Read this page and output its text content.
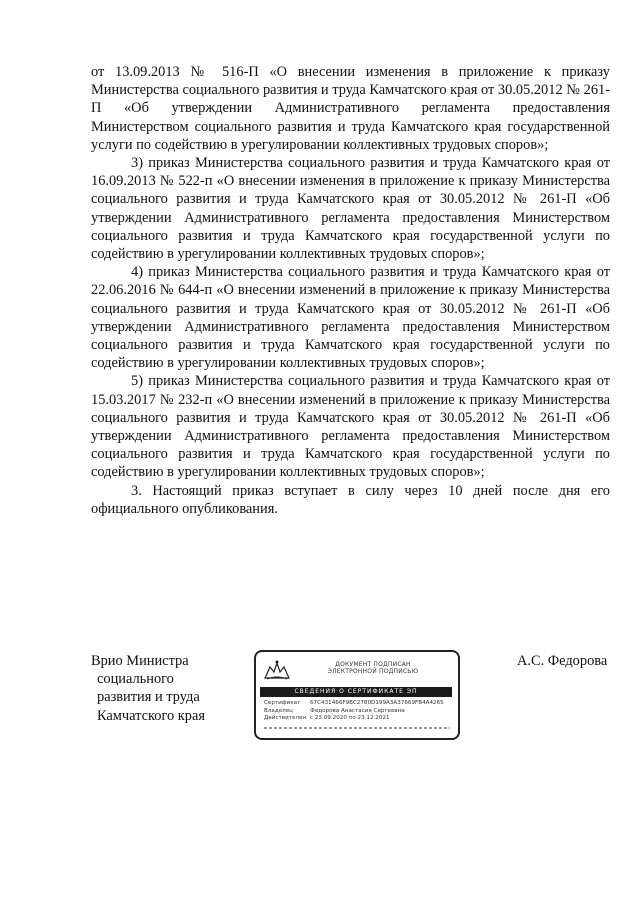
от 13.09.2013 № 516-П «О внесении изменения в приложение к приказу Министерства социального развития и труда Камчатского края от 30.05.2012 № 261-П «Об утверждении Административного регламента предоставления Министерством социального развития и труда Камчатского края государственной услуги по содействию в урегулировании коллективных трудовых споров»;

3) приказ Министерства социального развития и труда Камчатского края от 16.09.2013 № 522-п «О внесении изменения в приложение к приказу Министерства социального развития и труда Камчатского края от 30.05.2012 № 261-П «Об утверждении Административного регламента предоставления Министерством социального развития и труда Камчатского края государственной услуги по содействию в урегулировании коллективных трудовых споров»;

4) приказ Министерства социального развития и труда Камчатского края от 22.06.2016 № 644-п «О внесении изменений в приложение к приказу Министерства социального развития и труда Камчатского края от 30.05.2012 № 261-П «Об утверждении Административного регламента предоставления Министерством социального развития и труда Камчатского края государственной услуги по содействию в урегулировании коллективных трудовых споров»;

5) приказ Министерства социального развития и труда Камчатского края от 15.03.2017 № 232-п «О внесении изменений в приложение к приказу Министерства социального развития и труда Камчатского края от 30.05.2012 № 261-П «Об утверждении Административного регламента предоставления Министерством социального развития и труда Камчатского края государственной услуги по содействию в урегулировании коллективных трудовых споров»;

3. Настоящий приказ вступает в силу через 10 дней после дня его официального опубликования.

Врио Министра
социального
развития и труда
Камчатского края
ДОКУМЕНТ ПОДПИСАН
ЭЛЕКТРОННОЙ ПОДПИСЬЮ
СВЕДЕНИЯ О СЕРТИФИКАТЕ ЭП
Сертификат	67C431466F9BC2780D199A3A37669FB4A4265
Владелец	Федорова Анастасия Сергеевна
Действителен с 23.09.2020 по 23.12.2021
А.С. Федорова
